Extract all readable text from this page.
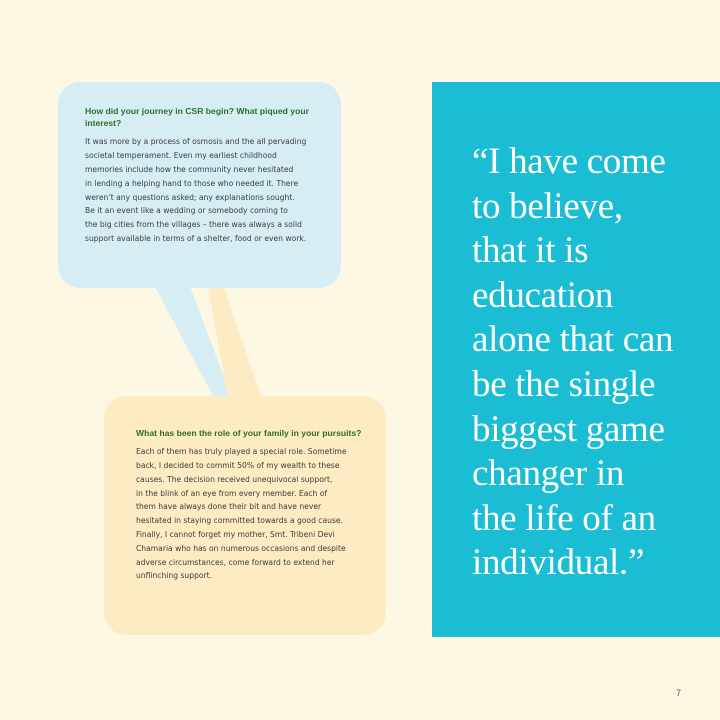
How did your journey in CSR begin? What piqued your interest?

It was more by a process of osmosis and the all pervading
societal temperament. Even my earliest childhood
memories include how the community never hesitated
in lending a helping hand to those who needed it. There
weren’t any questions asked; any explanations sought.
Be it an event like a wedding or somebody coming to
the big cities from the villages – there was always a solid
support available in terms of a shelter, food or even work.

What has been the role of your family in your pursuits?

Each of them has truly played a special role. Sometime
back, I decided to commit 50% of my wealth to these
causes. The decision received unequivocal support,
in the blink of an eye from every member. Each of
them have always done their bit and have never
hesitated in staying committed towards a good cause.
Finally, I cannot forget my mother, Smt. Tribeni Devi
Chamaria who has on numerous occasions and despite
adverse circumstances, come forward to extend her
unflinching support.

“I have come
to believe,
that it is
education
alone that can
be the single
biggest game
changer in
the life of an
individual.”

7
